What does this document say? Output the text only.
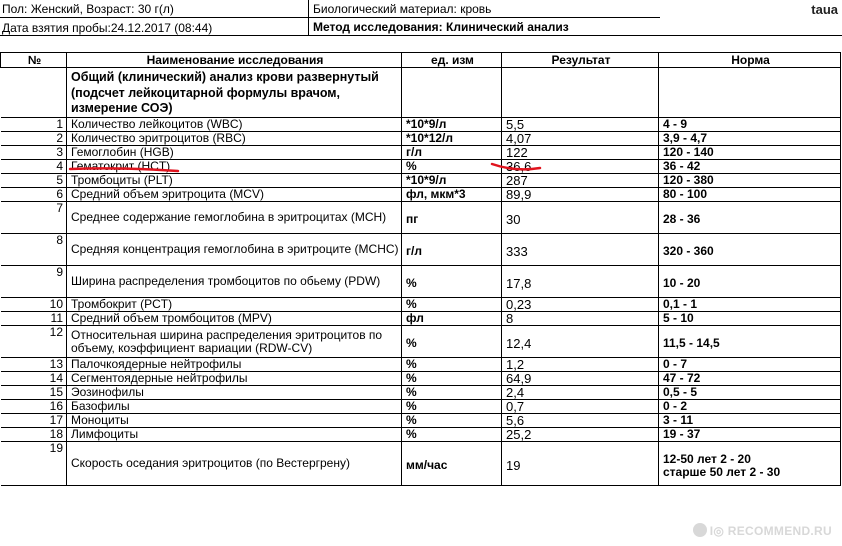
Пол: Женский, Возраст: 30 г(л)
Дата взятия пробы:24.12.2017 (08:44)
Биологический материал: кровь
Метод исследования: Клинический анализ
taua
№	Наименование исследования	ед. изм	Результат	Норма
	Общий (клинический) анализ крови развернутый (подсчет лейкоцитарной формулы врачом, измерение СОЭ)			
1	Количество лейкоцитов (WBC)	*10*9/л	5,5	4 - 9
2	Количество эритроцитов (RBC)	*10*12/л	4,07	3,9 - 4,7
3	Гемоглобин (HGB)	г/л	122	120 - 140
4	Гематокрит (HCT)	%	36,6	36 - 42
5	Тромбоциты (PLT)	*10*9/л	287	120 - 380
6	Средний объем эритроцита (MCV)	фл, мкм*3	89,9	80 - 100
7	Среднее содержание гемоглобина в эритроцитах (МСН)	пг	30	28 - 36
8	Средняя концентрация гемоглобина в эритроците (МСНС)	г/л	333	320 - 360
9	Ширина распределения тромбоцитов по обьему (PDW)	%	17,8	10 - 20
10	Тромбокрит (PCT)	%	0,23	0,1 - 1
11	Средний объем тромбоцитов (MPV)	фл	8	5 - 10
12	Относительная ширина распределения эритроцитов по объему, коэффициент вариации (RDW-CV)	%	12,4	11,5 - 14,5
13	Палочкоядерные нейтрофилы	%	1,2	0 - 7
14	Сегментоядерные нейтрофилы	%	64,9	47 - 72
15	Эозинофилы	%	2,4	0,5 - 5
16	Базофилы	%	0,7	0 - 2
17	Моноциты	%	5,6	3 - 11
18	Лимфоциты	%	25,2	19 - 37
19	Скорость оседания эритроцитов (по Вестергрену)	мм/час	19	12-50 лет 2 - 20
старше 50 лет 2 - 30
I◎ RECOMMEND.RU
